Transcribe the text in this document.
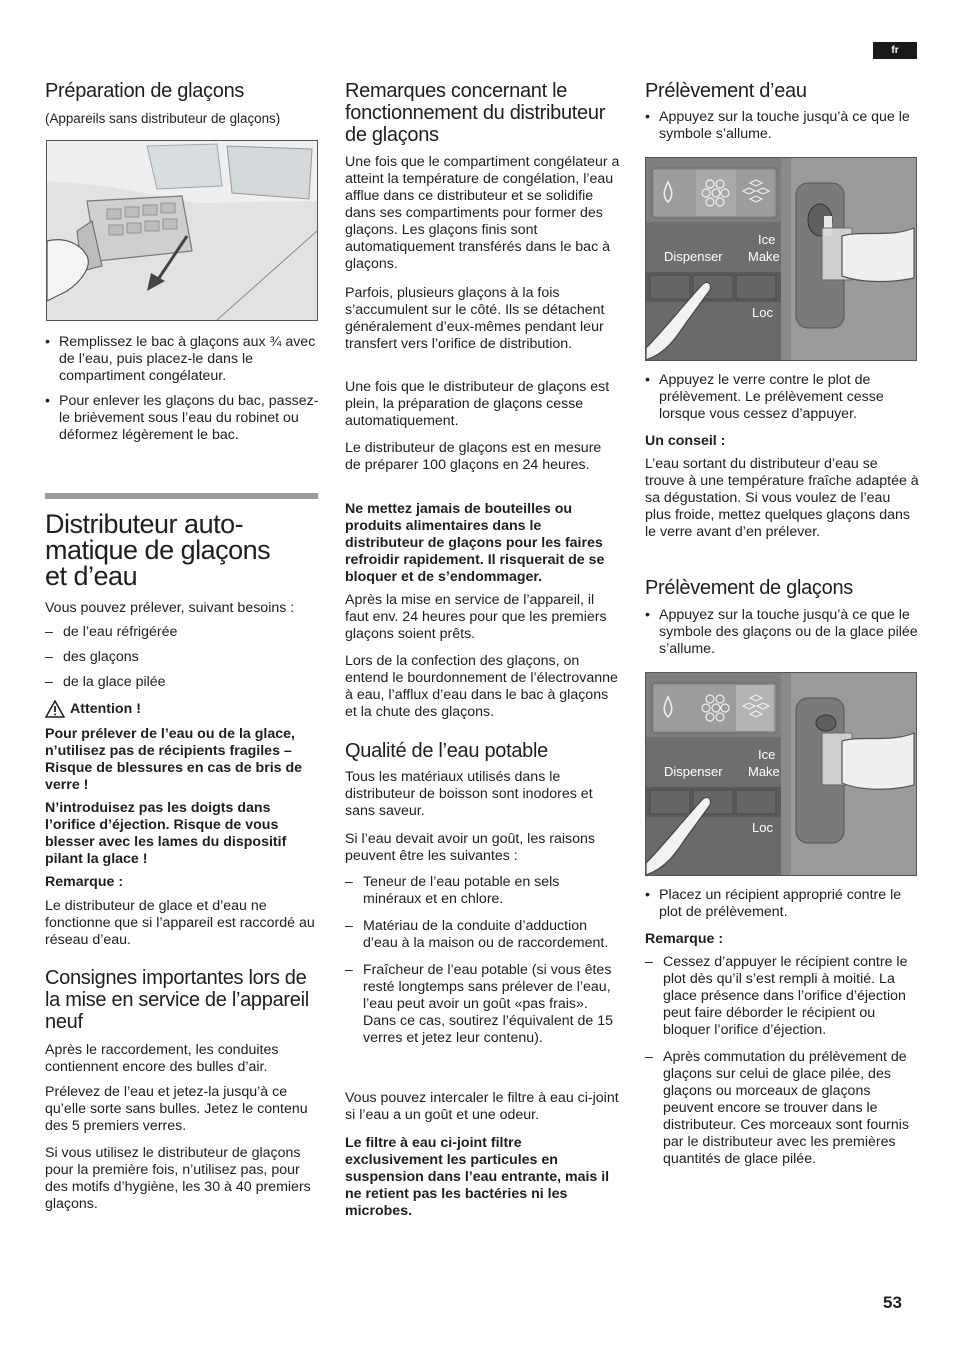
fr
Préparation de glaçons

(Appareils sans distributeur de glaçons)

• Remplissez le bac à glaçons aux ¾ avec de l’eau, puis placez-le dans le compartiment congélateur.
• Pour enlever les glaçons du bac, passez-le brièvement sous l’eau du robinet ou déformez légèrement le bac.
Distributeur auto-
matique de glaçons
et d’eau

Vous pouvez prélever, suivant besoins :

– de l’eau réfrigérée
– des glaçons
– de la glace pilée
Attention !

Pour prélever de l’eau ou de la glace, n’utilisez pas de récipients fragiles – Risque de blessures en cas de bris de verre !

N’introduisez pas les doigts dans l’orifice d’éjection. Risque de vous blesser avec les lames du dispositif pilant la glace !

Remarque :

Le distributeur de glace et d’eau ne fonctionne que si l’appareil est raccordé au réseau d’eau.

Consignes importantes lors de la mise en service de l’appareil neuf

Après le raccordement, les conduites contiennent encore des bulles d’air.

Prélevez de l’eau et jetez-la jusqu’à ce qu’elle sorte sans bulles. Jetez le contenu des 5 premiers verres.

Si vous utilisez le distributeur de glaçons pour la première fois, n’utilisez pas, pour des motifs d’hygiène, les 30 à 40 premiers glaçons.

Remarques concernant le fonctionnement du distributeur de glaçons

Une fois que le compartiment congélateur a atteint la température de congélation, l’eau afflue dans ce distributeur et se solidifie dans ses compartiments pour former des glaçons. Les glaçons finis sont automatiquement transférés dans le bac à glaçons.

Parfois, plusieurs glaçons à la fois s’accumulent sur le côté. Ils se détachent généralement d’eux-mêmes pendant leur transfert vers l’orifice de distribution.

Une fois que le distributeur de glaçons est plein, la préparation de glaçons cesse automatiquement.

Le distributeur de glaçons est en mesure de préparer 100 glaçons en 24 heures.

Ne mettez jamais de bouteilles ou produits alimentaires dans le distributeur de glaçons pour les faires refroidir rapidement. Il risquerait de se bloquer et de s’endommager.

Après la mise en service de l’appareil, il faut env. 24 heures pour que les premiers glaçons soient prêts.

Lors de la confection des glaçons, on entend le bourdonnement de l’électrovanne à eau, l’afflux d’eau dans le bac à glaçons et la chute des glaçons.

Qualité de l’eau potable

Tous les matériaux utilisés dans le distributeur de boisson sont inodores et sans saveur.

Si l’eau devait avoir un goût, les raisons peuvent être les suivantes :

– Teneur de l’eau potable en sels minéraux et en chlore.
– Matériau de la conduite d’adduction d’eau à la maison ou de raccordement.
– Fraîcheur de l’eau potable (si vous êtes resté longtemps sans prélever de l’eau, l’eau peut avoir un goût «pas frais». Dans ce cas, soutirez l’équivalent de 15 verres et jetez leur contenu).

Vous pouvez intercaler le filtre à eau ci-joint si l’eau a un goût et une odeur.

Le filtre à eau ci-joint filtre exclusivement les particules en suspension dans l’eau entrante, mais il ne retient pas les bactéries ni les microbes.

Prélèvement d’eau
• Appuyez sur la touche jusqu’à ce que le symbole s’allume.
Ice
Dispenser Make
Loc
• Appuyez le verre contre le plot de prélèvement. Le prélèvement cesse lorsque vous cessez d’appuyer.

Un conseil :

L’eau sortant du distributeur d’eau se trouve à une température fraîche adaptée à sa dégustation. Si vous voulez de l’eau plus froide, mettez quelques glaçons dans le verre avant d’en prélever.

Prélèvement de glaçons
• Appuyez sur la touche jusqu’à ce que le symbole des glaçons ou de la glace pilée s’allume.
Ice
Dispenser Make
Loc
• Placez un récipient approprié contre le plot de prélèvement.

Remarque :

– Cessez d’appuyer le récipient contre le plot dès qu’il s’est rempli à moitié. La glace présence dans l’orifice d’éjection peut faire déborder le récipient ou bloquer l’orifice d’éjection.
– Après commutation du prélèvement de glaçons sur celui de glace pilée, des glaçons ou morceaux de glaçons peuvent encore se trouver dans le distributeur. Ces morceaux sont fournis par le distributeur avec les premières quantités de glace pilée.
53
